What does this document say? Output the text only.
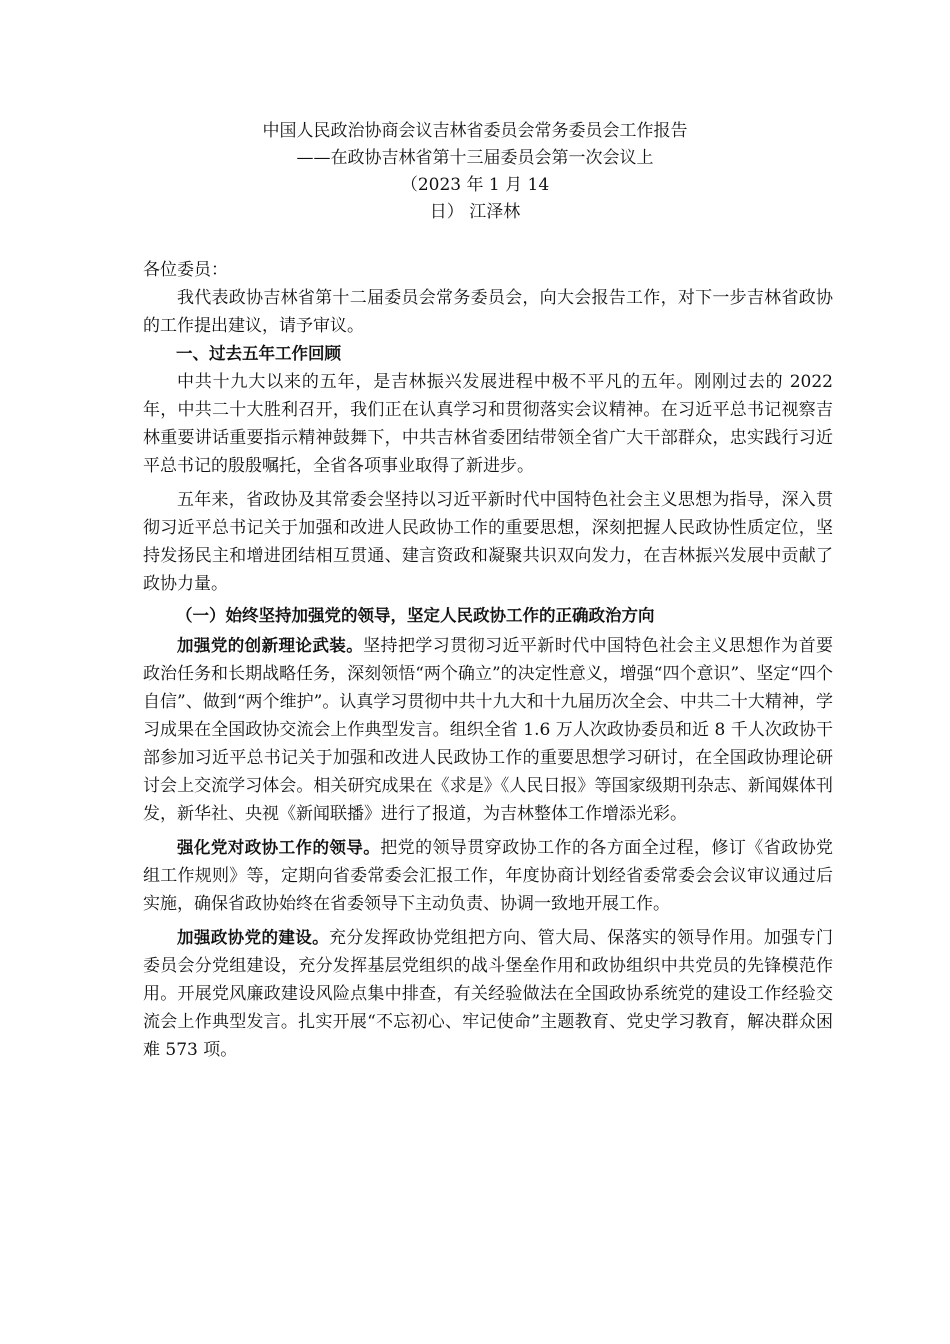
中国人民政治协商会议吉林省委员会常务委员会工作报告
——在政协吉林省第十三届委员会第一次会议上
（2023 年 1 月 14
日） 江泽林

各位委员：

我代表政协吉林省第十二届委员会常务委员会，向大会报告工作，对下一步吉林省政协的工作提出建议，请予审议。

一、过去五年工作回顾

中共十九大以来的五年，是吉林振兴发展进程中极不平凡的五年。刚刚过去的 2022 年，中共二十大胜利召开，我们正在认真学习和贯彻落实会议精神。在习近平总书记视察吉林重要讲话重要指示精神鼓舞下，中共吉林省委团结带领全省广大干部群众，忠实践行习近平总书记的殷殷嘱托，全省各项事业取得了新进步。

五年来，省政协及其常委会坚持以习近平新时代中国特色社会主义思想为指导，深入贯彻习近平总书记关于加强和改进人民政协工作的重要思想，深刻把握人民政协性质定位，坚持发扬民主和增进团结相互贯通、建言资政和凝聚共识双向发力，在吉林振兴发展中贡献了政协力量。

（一）始终坚持加强党的领导，坚定人民政协工作的正确政治方向

加强党的创新理论武装。坚持把学习贯彻习近平新时代中国特色社会主义思想作为首要政治任务和长期战略任务，深刻领悟“两个确立”的决定性意义，增强“四个意识”、坚定“四个自信”、做到“两个维护”。认真学习贯彻中共十九大和十九届历次全会、中共二十大精神，学习成果在全国政协交流会上作典型发言。组织全省 1.6 万人次政协委员和近 8 千人次政协干部参加习近平总书记关于加强和改进人民政协工作的重要思想学习研讨，在全国政协理论研讨会上交流学习体会。相关研究成果在《求是》《人民日报》等国家级期刊杂志、新闻媒体刊发，新华社、央视《新闻联播》进行了报道，为吉林整体工作增添光彩。

强化党对政协工作的领导。把党的领导贯穿政协工作的各方面全过程，修订《省政协党组工作规则》等，定期向省委常委会汇报工作，年度协商计划经省委常委会会议审议通过后实施，确保省政协始终在省委领导下主动负责、协调一致地开展工作。

加强政协党的建设。充分发挥政协党组把方向、管大局、保落实的领导作用。加强专门委员会分党组建设，充分发挥基层党组织的战斗堡垒作用和政协组织中共党员的先锋模范作用。开展党风廉政建设风险点集中排查，有关经验做法在全国政协系统党的建设工作经验交流会上作典型发言。扎实开展“不忘初心、牢记使命”主题教育、党史学习教育，解决群众困难 573 项。
